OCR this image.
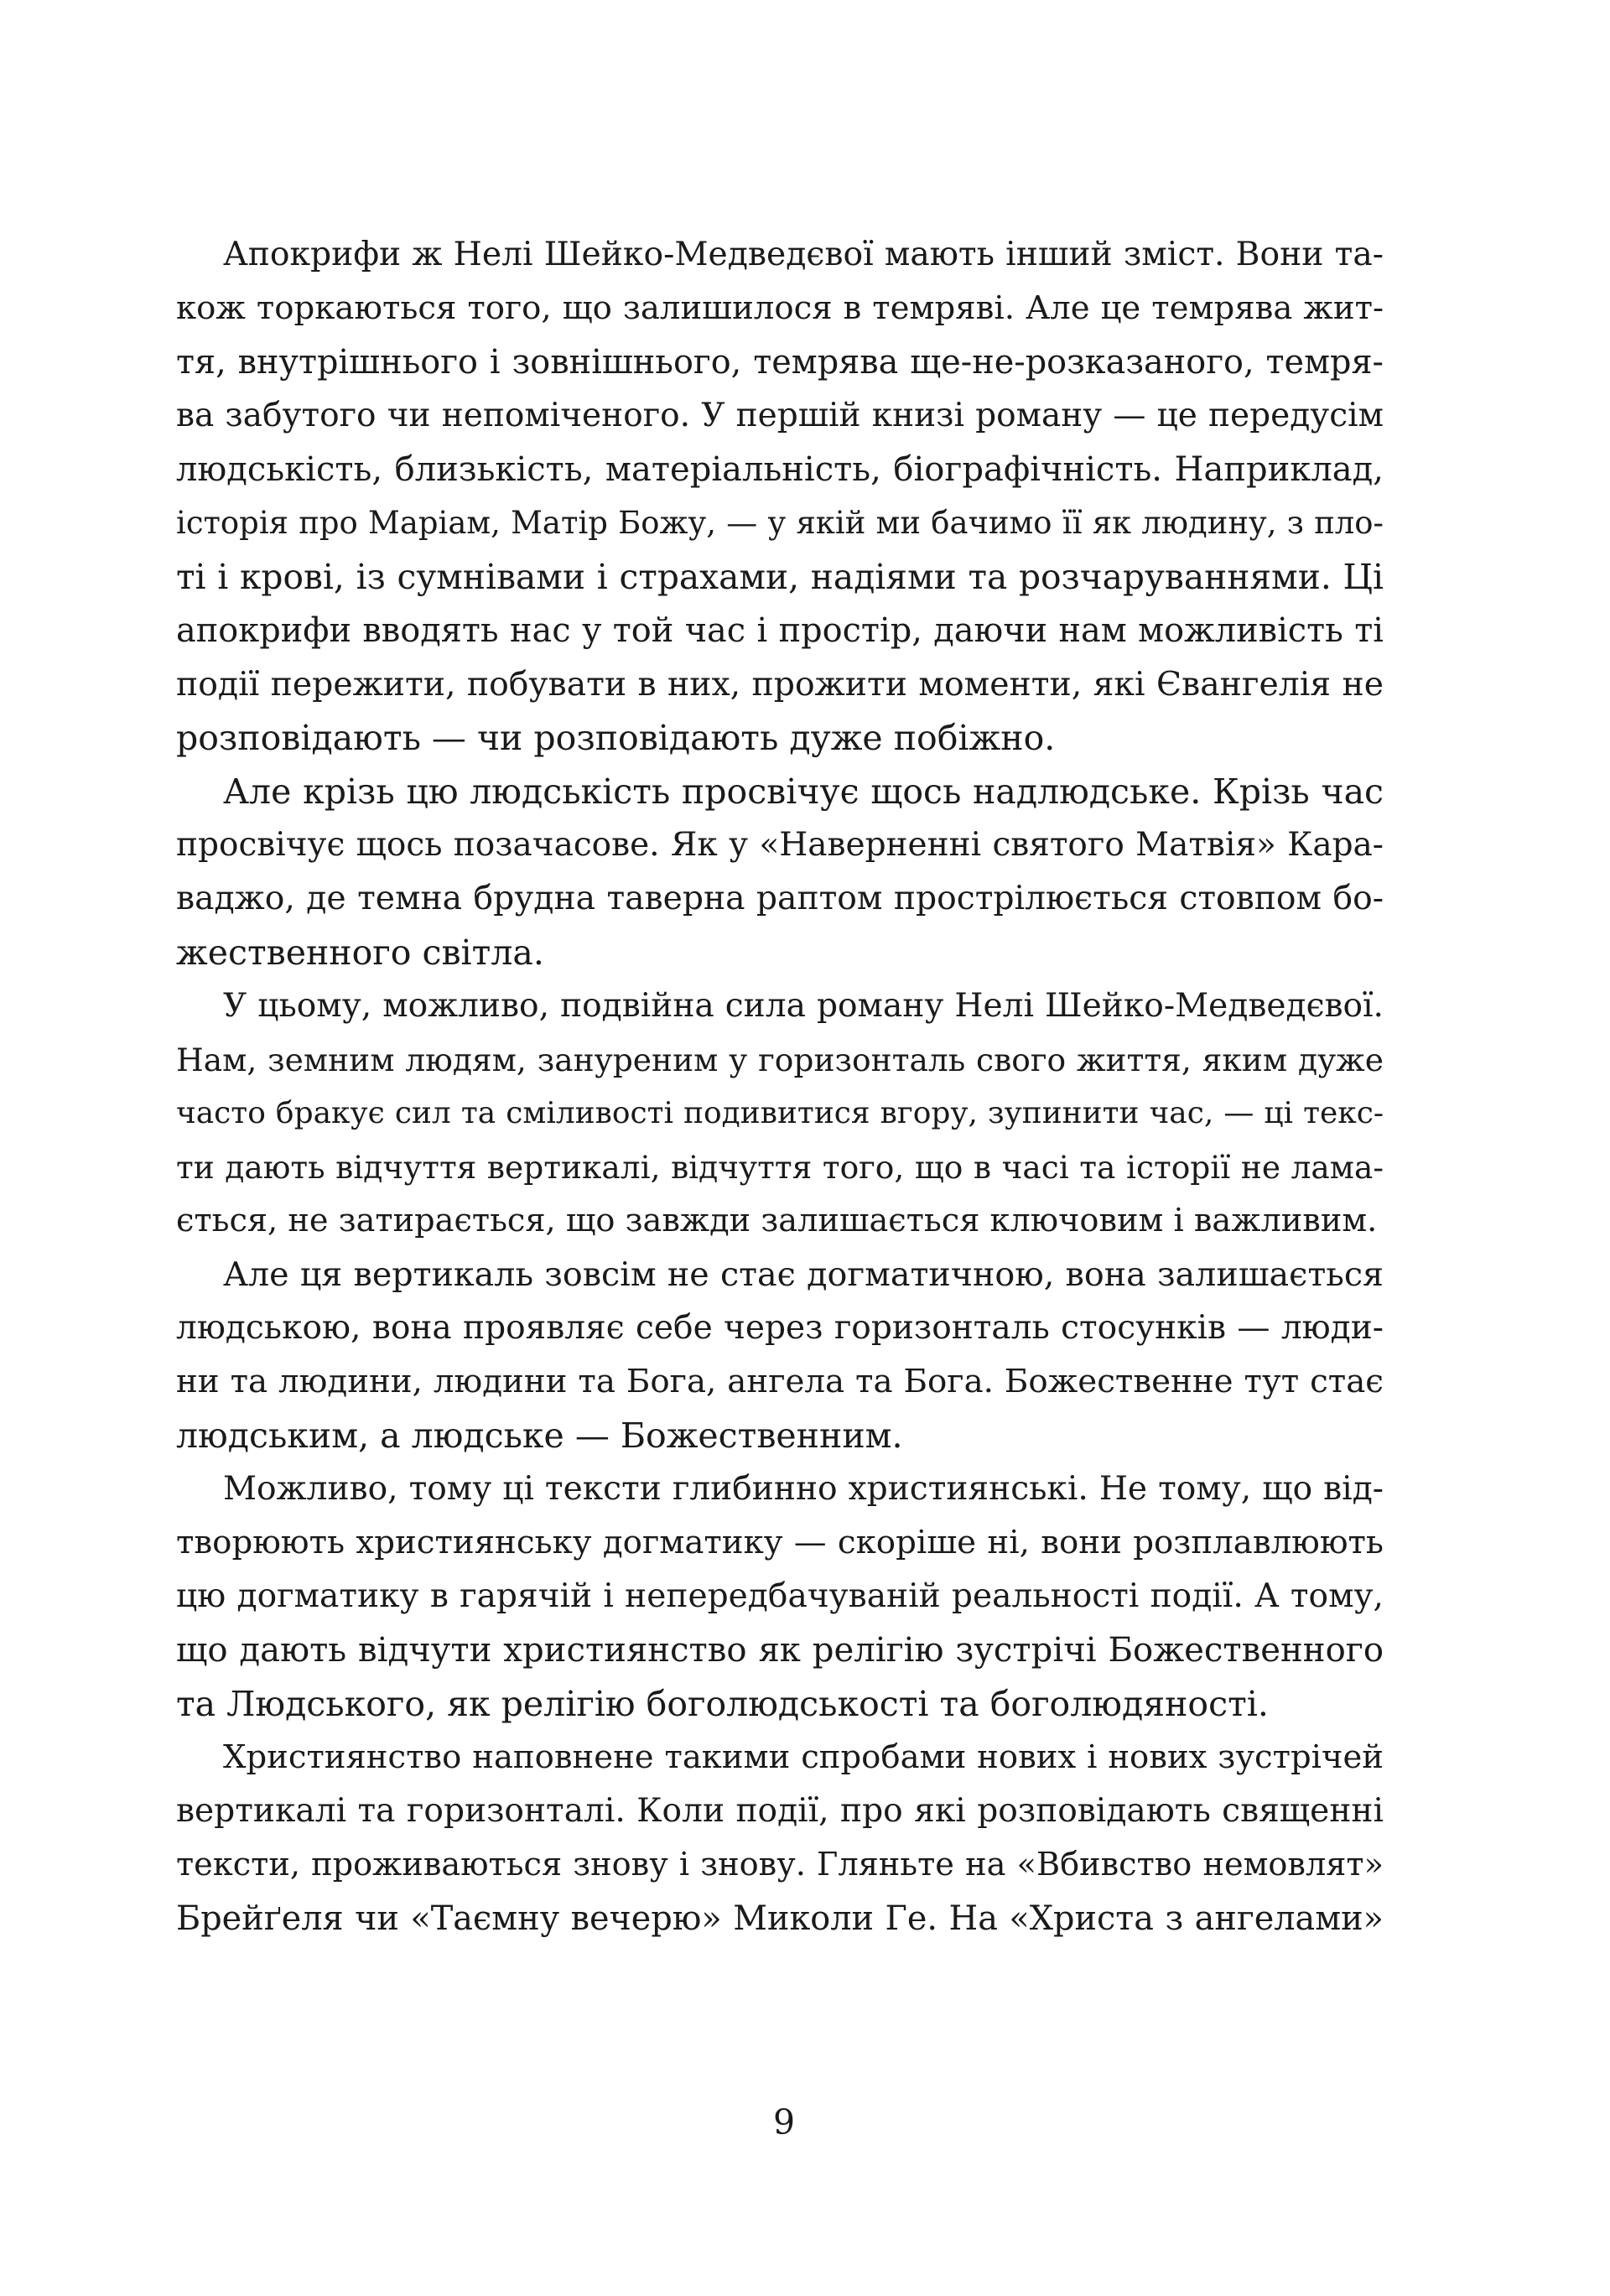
Апокрифи ж Нелі Шейко-Медведєвої мають інший зміст. Вони та-
кож торкаються того, що залишилося в темряві. Але це темрява жит-
тя, внутрішнього і зовнішнього, темрява ще-не-розказаного, темря-
ва забутого чи непоміченого. У першій книзі роману — це передусім
людськість, близькість, матеріальність, біографічність. Наприклад,
історія про Маріам, Матір Божу, — у якій ми бачимо її як людину, з пло-
ті і крові, із сумнівами і страхами, надіями та розчаруваннями. Ці
апокрифи вводять нас у той час і простір, даючи нам можливість ті
події пережити, побувати в них, прожити моменти, які Євангелія не
розповідають — чи розповідають дуже побіжно.
Але крізь цю людськість просвічує щось надлюдське. Крізь час
просвічує щось позачасове. Як у «Наверненні святого Матвія» Кара-
ваджо, де темна брудна таверна раптом прострілюється стовпом бо-
жественного світла.
У цьому, можливо, подвійна сила роману Нелі Шейко-Медведєвої.
Нам, земним людям, зануреним у горизонталь свого життя, яким дуже
часто бракує сил та сміливості подивитися вгору, зупинити час, — ці текс-
ти дають відчуття вертикалі, відчуття того, що в часі та історії не лама-
ється, не затирається, що завжди залишається ключовим і важливим.
Але ця вертикаль зовсім не стає догматичною, вона залишається
людською, вона проявляє себе через горизонталь стосунків — люди-
ни та людини, людини та Бога, ангела та Бога. Божественне тут стає
людським, а людське — Божественним.
Можливо, тому ці тексти глибинно християнські. Не тому, що від-
творюють християнську догматику — скоріше ні, вони розплавлюють
цю догматику в гарячій і непередбачуваній реальності події. А тому,
що дають відчути християнство як релігію зустрічі Божественного
та Людського, як релігію боголюдськості та боголюдяності.
Християнство наповнене такими спробами нових і нових зустрічей
вертикалі та горизонталі. Коли події, про які розповідають священні
тексти, проживаються знову і знову. Гляньте на «Вбивство немовлят»
Брейґеля чи «Таємну вечерю» Миколи Ге. На «Христа з ангелами»
9
